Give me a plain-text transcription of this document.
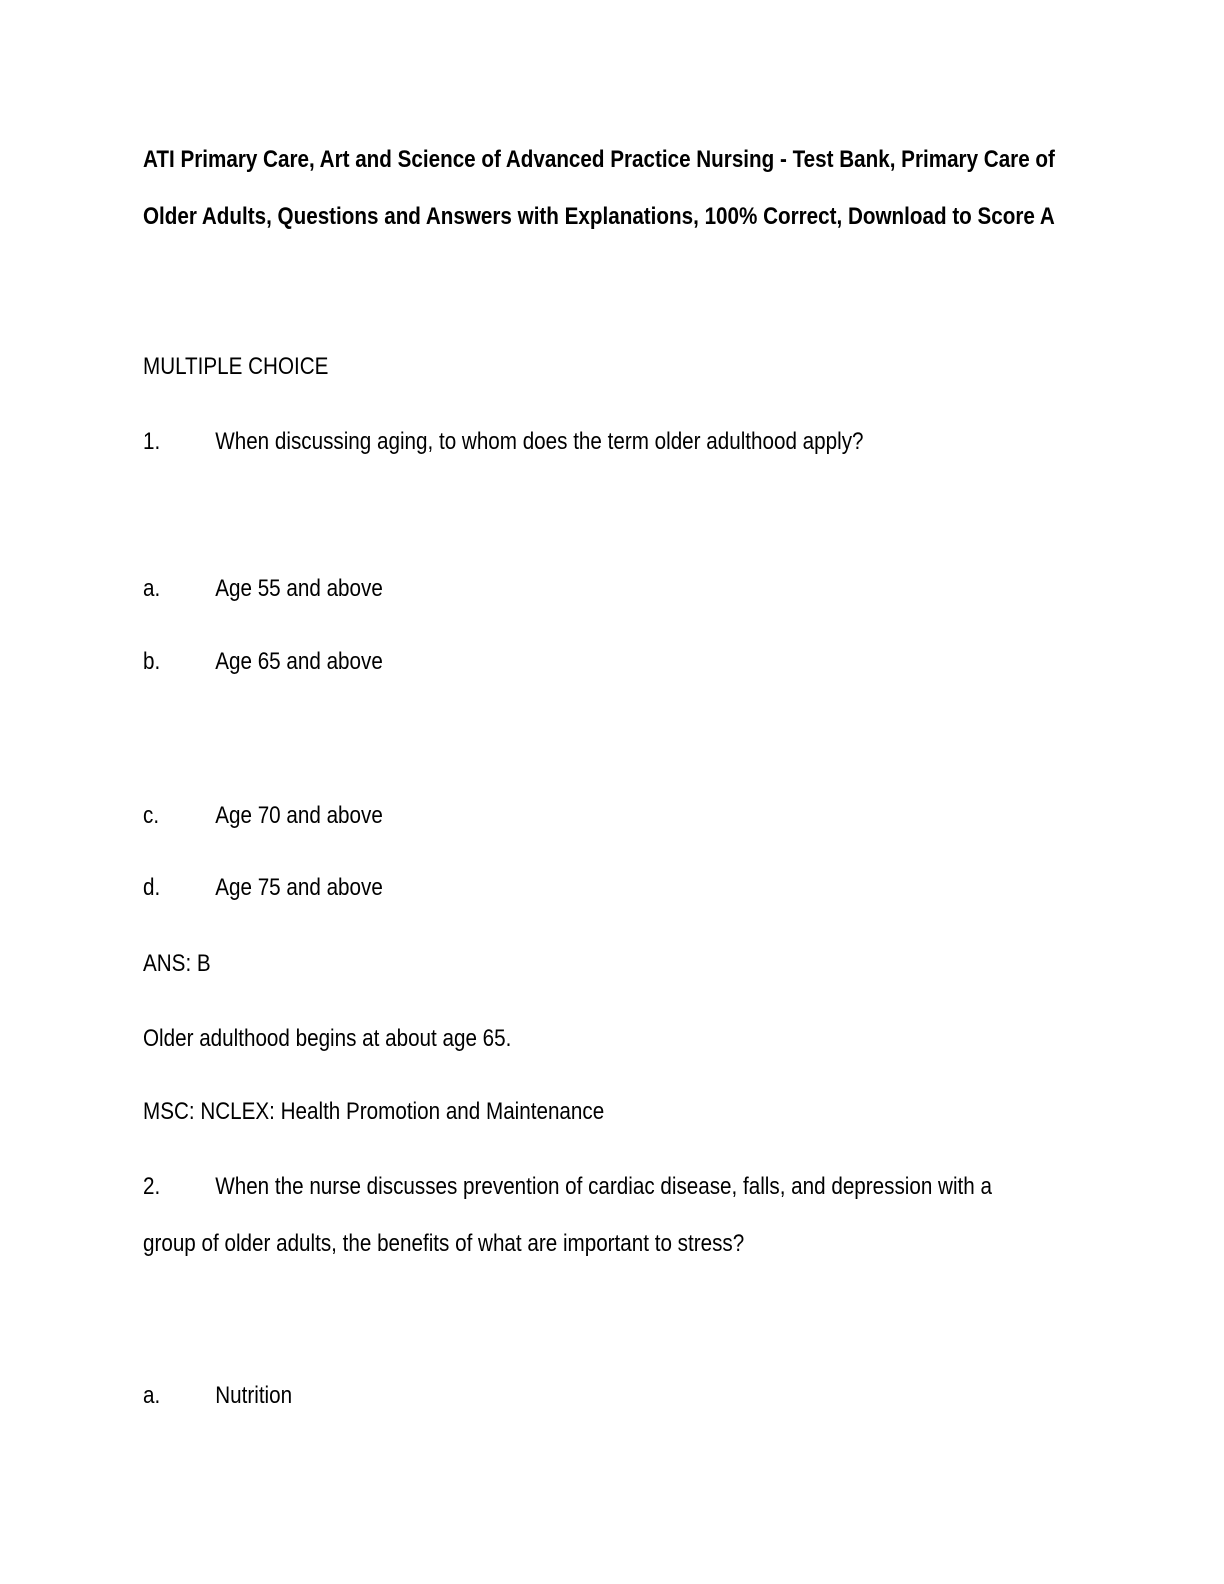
ATI Primary Care, Art and Science of Advanced Practice Nursing - Test Bank, Primary Care of
Older Adults, Questions and Answers with Explanations, 100% Correct, Download to Score A
MULTIPLE CHOICE
1. When discussing aging, to whom does the term older adulthood apply?
a. Age 55 and above
b. Age 65 and above
c. Age 70 and above
d. Age 75 and above
ANS: B
Older adulthood begins at about age 65.
MSC: NCLEX: Health Promotion and Maintenance
2. When the nurse discusses prevention of cardiac disease, falls, and depression with a
group of older adults, the benefits of what are important to stress?
a. Nutrition
